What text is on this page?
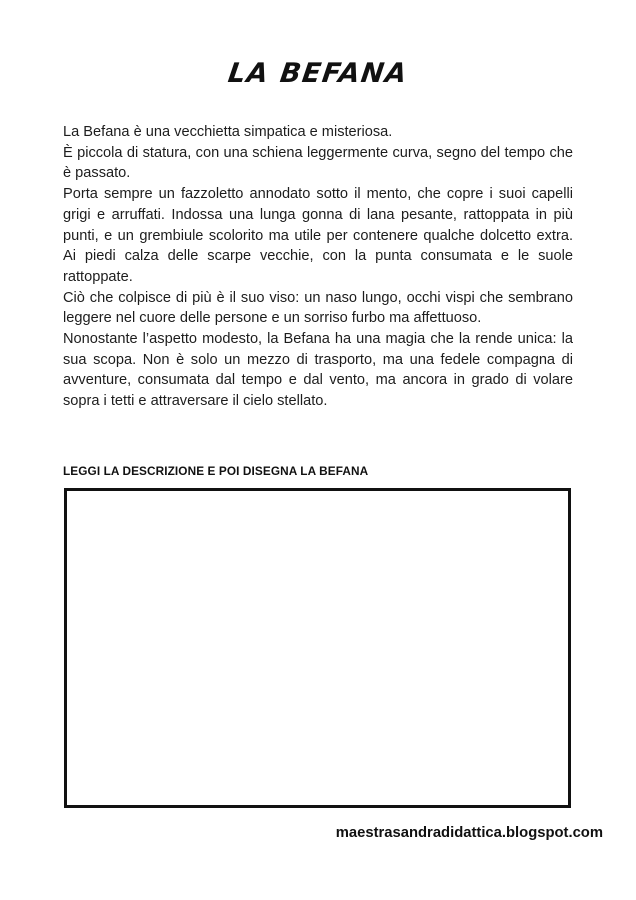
LA BEFANA

La Befana è una vecchietta simpatica e misteriosa.

È piccola di statura, con una schiena leggermente curva, segno del tempo che è passato.

Porta sempre un fazzoletto annodato sotto il mento, che copre i suoi capelli grigi e arruffati. Indossa una lunga gonna di lana pesante, rattoppata in più punti, e un grembiule scolorito ma utile per contenere qualche dolcetto extra. Ai piedi calza delle scarpe vecchie, con la punta consumata e le suole rattoppate.

Ciò che colpisce di più è il suo viso: un naso lungo, occhi vispi che sembrano leggere nel cuore delle persone e un sorriso furbo ma affettuoso.

Nonostante l’aspetto modesto, la Befana ha una magia che la rende unica: la sua scopa. Non è solo un mezzo di trasporto, ma una fedele compagna di avventure, consumata dal tempo e dal vento, ma ancora in grado di volare sopra i tetti e attraversare il cielo stellato.

LEGGI LA DESCRIZIONE E POI DISEGNA LA BEFANA
maestrasandradidattica.blogspot.com
